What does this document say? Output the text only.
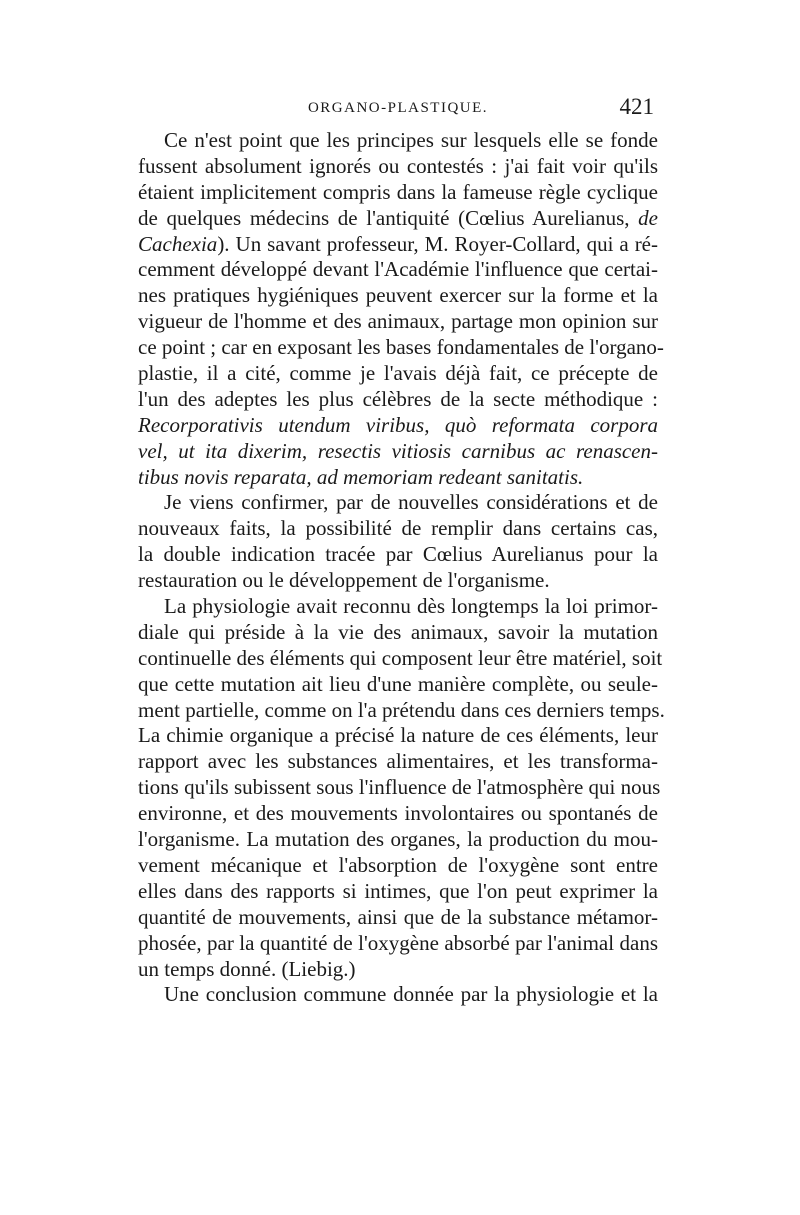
ORGANO-PLASTIQUE.	421
Ce n'est point que les principes sur lesquels elle se fonde
fussent absolument ignorés ou contestés : j'ai fait voir qu'ils
étaient implicitement compris dans la fameuse règle cyclique
de quelques médecins de l'antiquité (Cœlius Aurelianus, de
Cachexia). Un savant professeur, M. Royer-Collard, qui a ré-
cemment développé devant l'Académie l'influence que certai-
nes pratiques hygiéniques peuvent exercer sur la forme et la
vigueur de l'homme et des animaux, partage mon opinion sur
ce point ; car en exposant les bases fondamentales de l'organo-
plastie, il a cité, comme je l'avais déjà fait, ce précepte de
l'un des adeptes les plus célèbres de la secte méthodique :
Recorporativis utendum viribus, quò reformata corpora
vel, ut ita dixerim, resectis vitiosis carnibus ac renascen-
tibus novis reparata, ad memoriam redeant sanitatis.
Je viens confirmer, par de nouvelles considérations et de
nouveaux faits, la possibilité de remplir dans certains cas,
la double indication tracée par Cœlius Aurelianus pour la
restauration ou le développement de l'organisme.
La physiologie avait reconnu dès longtemps la loi primor-
diale qui préside à la vie des animaux, savoir la mutation
continuelle des éléments qui composent leur être matériel, soit
que cette mutation ait lieu d'une manière complète, ou seule-
ment partielle, comme on l'a prétendu dans ces derniers temps.
La chimie organique a précisé la nature de ces éléments, leur
rapport avec les substances alimentaires, et les transforma-
tions qu'ils subissent sous l'influence de l'atmosphère qui nous
environne, et des mouvements involontaires ou spontanés de
l'organisme. La mutation des organes, la production du mou-
vement mécanique et l'absorption de l'oxygène sont entre
elles dans des rapports si intimes, que l'on peut exprimer la
quantité de mouvements, ainsi que de la substance métamor-
phosée, par la quantité de l'oxygène absorbé par l'animal dans
un temps donné. (Liebig.)
Une conclusion commune donnée par la physiologie et la
